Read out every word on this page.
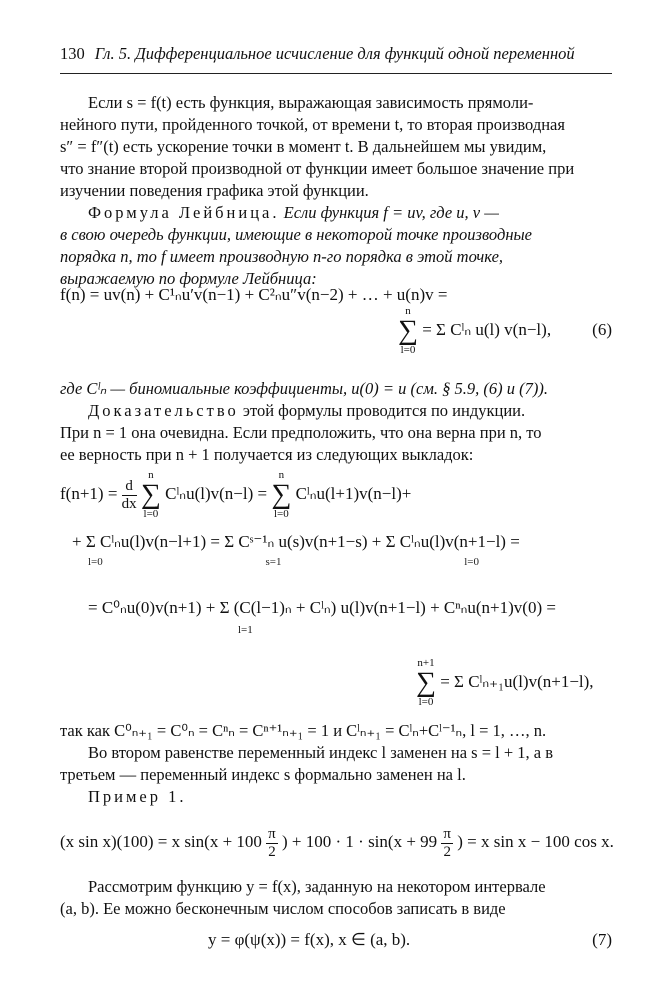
130 Гл. 5. Дифференциальное исчисление для функций одной переменной
Если s = f(t) есть функция, выражающая зависимость прямоли-
нейного пути, пройденного точкой, от времени t, то вторая производная
s″ = f″(t) есть ускорение точки в момент t. В дальнейшем мы увидим,
что знание второй производной от функции имеет большое значение при
изучении поведения графика этой функции.
Формула Лейбница. Если функция f = uv, где u, v —
в свою очередь функции, имеющие в некоторой точке производные
порядка n, то f имеет производную n-го порядка в этой точке,
выражаемую по формуле Лейбница:
f(n) = uv(n) + C¹ₙu′v(n−1) + C²ₙu″v(n−2) + … + u(n)v =
n
∑
l=0
= Σ Cˡₙ u(l) v(n−l), (6)
где Cˡₙ — биномиальные коэффициенты, u(0) = u (см. § 5.9, (6) и (7)).
Доказательство этой формулы проводится по индукции.
При n = 1 она очевидна. Если предположить, что она верна при n, то
ее верность при n + 1 получается из следующих выкладок:
$f(n+1) = \frac{d}{dx}$

n
∑
l=0
Cˡₙu(l)v(n−l) =
n
∑
l=0
Cˡₙu(l+1)v(n−l)+
+ Σ Cˡₙu(l)v(n−l+1) = Σ Cˢ⁻¹ₙ u(s)v(n+1−s) + Σ Cˡₙu(l)v(n+1−l) =
l=0	s=1	l=0
= C⁰ₙu(0)v(n+1) + Σ (C(l−1)ₙ + Cˡₙ) u(l)v(n+1−l) + Cⁿₙu(n+1)v(0) =
l=1
n+1
∑
l=0
= Σ Cˡₙ₊₁u(l)v(n+1−l),
так как C⁰ₙ₊₁ = C⁰ₙ = Cⁿₙ = Cⁿ⁺¹ₙ₊₁ = 1 и Cˡₙ₊₁ = Cˡₙ+Cˡ⁻¹ₙ, l = 1, …, n.
Во втором равенстве переменный индекс l заменен на s = l + 1, а в
третьем — переменный индекс s формально заменен на l.
Пример 1.
(x sin x)(100) = x $\sin(x + 100 \frac{\pi}{2}$ ) + $100 \cdot 1 \cdot \sin(x + 99 \frac{\pi}{2}$ ) = x sin x − 100 cos x.
Рассмотрим функцию y = f(x), заданную на некотором интервале
(a, b). Ее можно бесконечным числом способов записать в виде
y = φ(ψ(x)) = f(x), x ∈ (a, b).	(7)
